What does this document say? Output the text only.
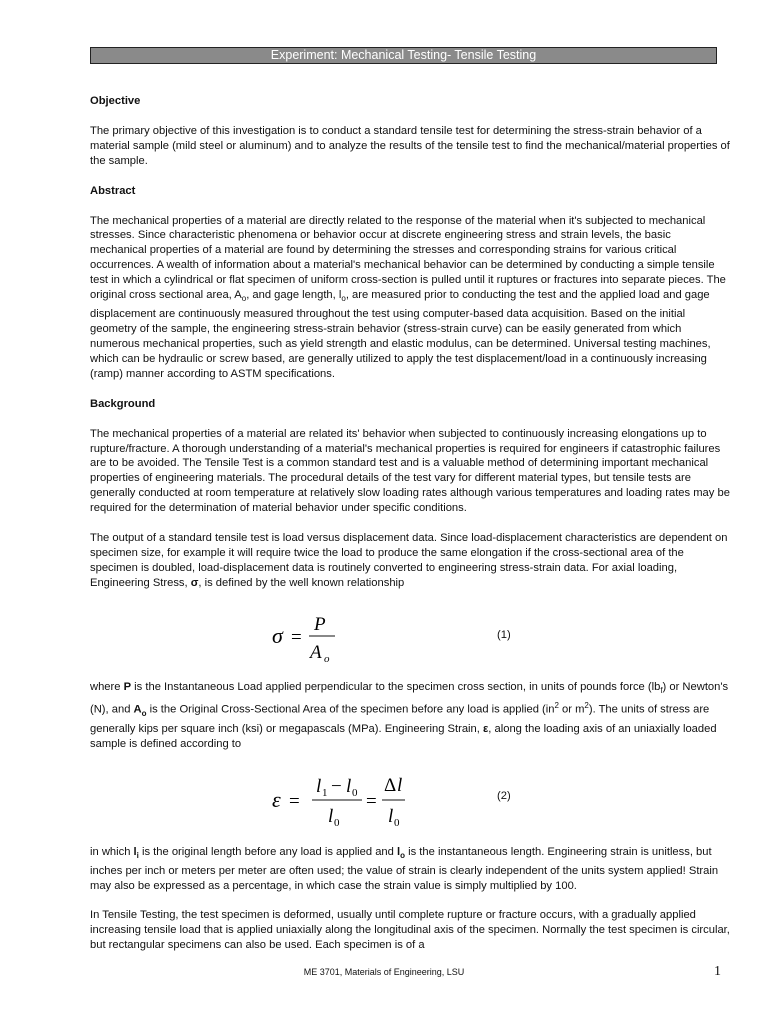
Experiment: Mechanical Testing- Tensile Testing
Objective

The primary objective of this investigation is to conduct a standard tensile test for determining the stress-strain behavior of a material sample (mild steel or aluminum) and to analyze the results of the tensile test to find the mechanical/material properties of the sample.

Abstract

The mechanical properties of a material are directly related to the response of the material when it's subjected to mechanical stresses. Since characteristic phenomena or behavior occur at discrete engineering stress and strain levels, the basic mechanical properties of a material are found by determining the stresses and corresponding strains for various critical occurrences. A wealth of information about a material's mechanical behavior can be determined by conducting a simple tensile test in which a cylindrical or flat specimen of uniform cross-section is pulled until it ruptures or fractures into separate pieces. The original cross sectional area, $A_o$, and gage length, $l_o$, are measured prior to conducting the test and the applied load and gage displacement are continuously measured throughout the test using computer-based data acquisition. Based on the initial geometry of the sample, the engineering stress-strain behavior (stress-strain curve) can be easily generated from which numerous mechanical properties, such as yield strength and elastic modulus, can be determined. Universal testing machines, which can be hydraulic or screw based, are generally utilized to apply the test displacement/load in a continuously increasing (ramp) manner according to ASTM specifications.

Background

The mechanical properties of a material are related its' behavior when subjected to continuously increasing elongations up to rupture/fracture. A thorough understanding of a material's mechanical properties is required for engineers if catastrophic failures are to be avoided. The Tensile Test is a common standard test and is a valuable method of determining important mechanical properties of engineering materials. The procedural details of the test vary for different material types, but tensile tests are generally conducted at room temperature at relatively slow loading rates although various temperatures and loading rates may be required for the determination of material behavior under specific conditions.

The output of a standard tensile test is load versus displacement data. Since load-displacement characteristics are dependent on specimen size, for example it will require twice the load to produce the same elongation if the cross-sectional area of the specimen is doubled, load-displacement data is routinely converted to engineering stress-strain data. For axial loading, Engineering Stress, σ, is defined by the well known relationship

σ =
P
A o
(1)

where P is the Instantaneous Load applied perpendicular to the specimen cross section, in units of pounds force $(lb_f)$ or Newton's (N), and $A_o$ is the Original Cross-Sectional Area of the specimen before any load is applied ($in^2$ or $m^2$). The units of stress are generally kips per square inch (ksi) or megapascals (MPa). Engineering Strain, ε, along the loading axis of an uniaxially loaded sample is defined according to

ε =
l 1 − l 0
l 0
=
Δ l
l 0
(2)

in which $l_i$ is the original length before any load is applied and $l_o$ is the instantaneous length. Engineering strain is unitless, but inches per inch or meters per meter are often used; the value of strain is clearly independent of the units system applied! Strain may also be expressed as a percentage, in which case the strain value is simply multiplied by 100.

In Tensile Testing, the test specimen is deformed, usually until complete rupture or fracture occurs, with a gradually applied increasing tensile load that is applied uniaxially along the longitudinal axis of the specimen. Normally the test specimen is circular, but rectangular specimens can also be used. Each specimen is of a

ME 3701, Materials of Engineering, LSU	1
